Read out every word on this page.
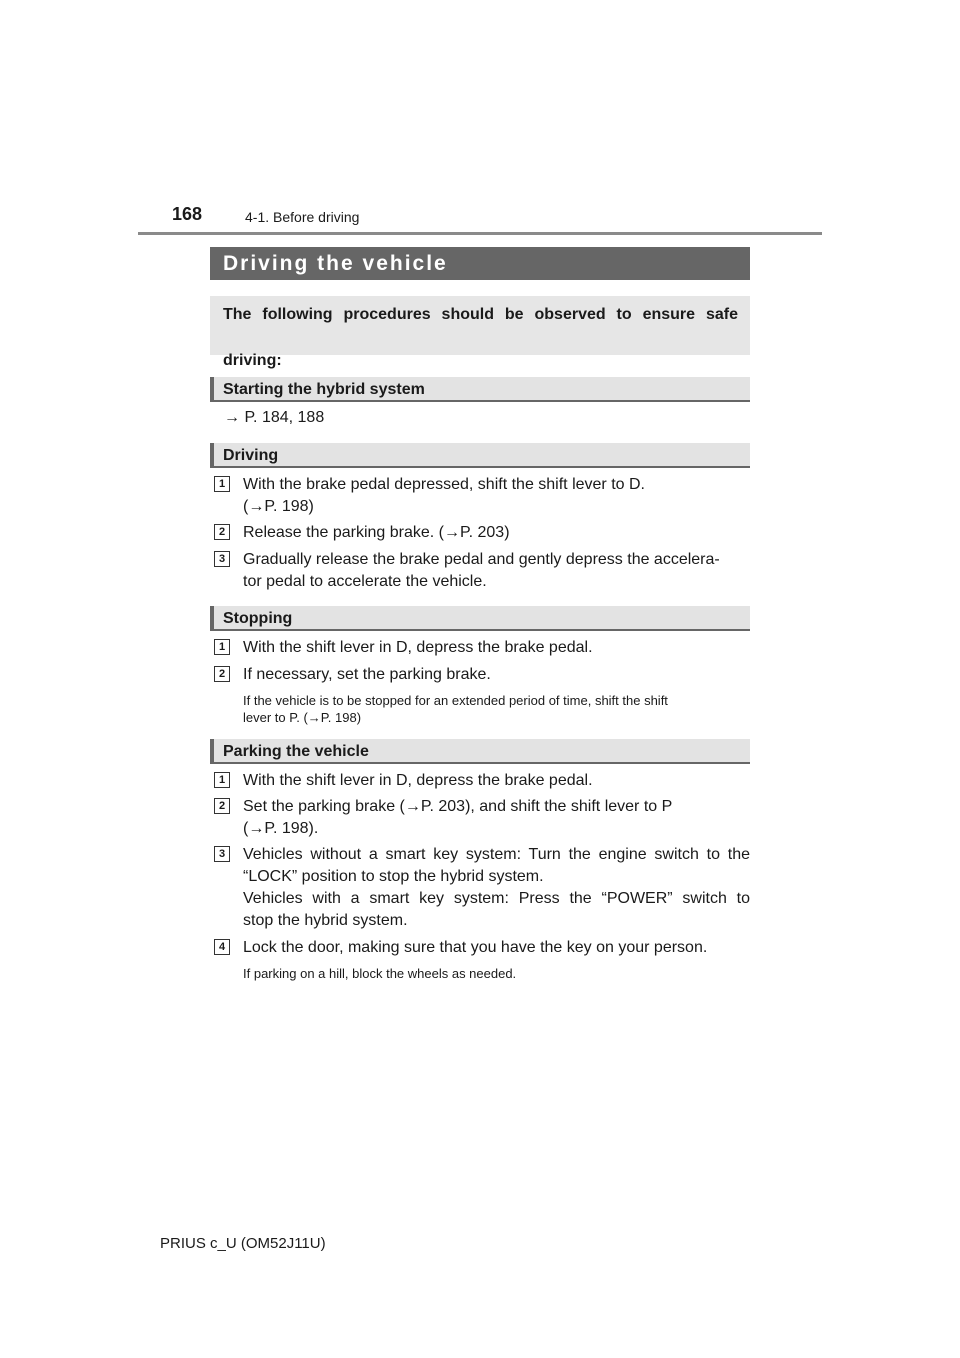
168	4-1. Before driving
Driving the vehicle
The following procedures should be observed to ensure safe
driving:
Starting the hybrid system
→ P. 184, 188
Driving
1	With the brake pedal depressed, shift the shift lever to D.
(→P. 198)
2	Release the parking brake. (→P. 203)
3	Gradually release the brake pedal and gently depress the accelera-
tor pedal to accelerate the vehicle.
Stopping
1	With the shift lever in D, depress the brake pedal.
2	If necessary, set the parking brake.
If the vehicle is to be stopped for an extended period of time, shift the shift
lever to P. (→P. 198)
Parking the vehicle
1	With the shift lever in D, depress the brake pedal.
2	Set the parking brake (→P. 203), and shift the shift lever to P
(→P. 198).
3	Vehicles without a smart key system: Turn the engine switch to the
“LOCK” position to stop the hybrid system.
Vehicles with a smart key system: Press the “POWER” switch to
stop the hybrid system.
4	Lock the door, making sure that you have the key on your person.
If parking on a hill, block the wheels as needed.
PRIUS c_U (OM52J11U)
